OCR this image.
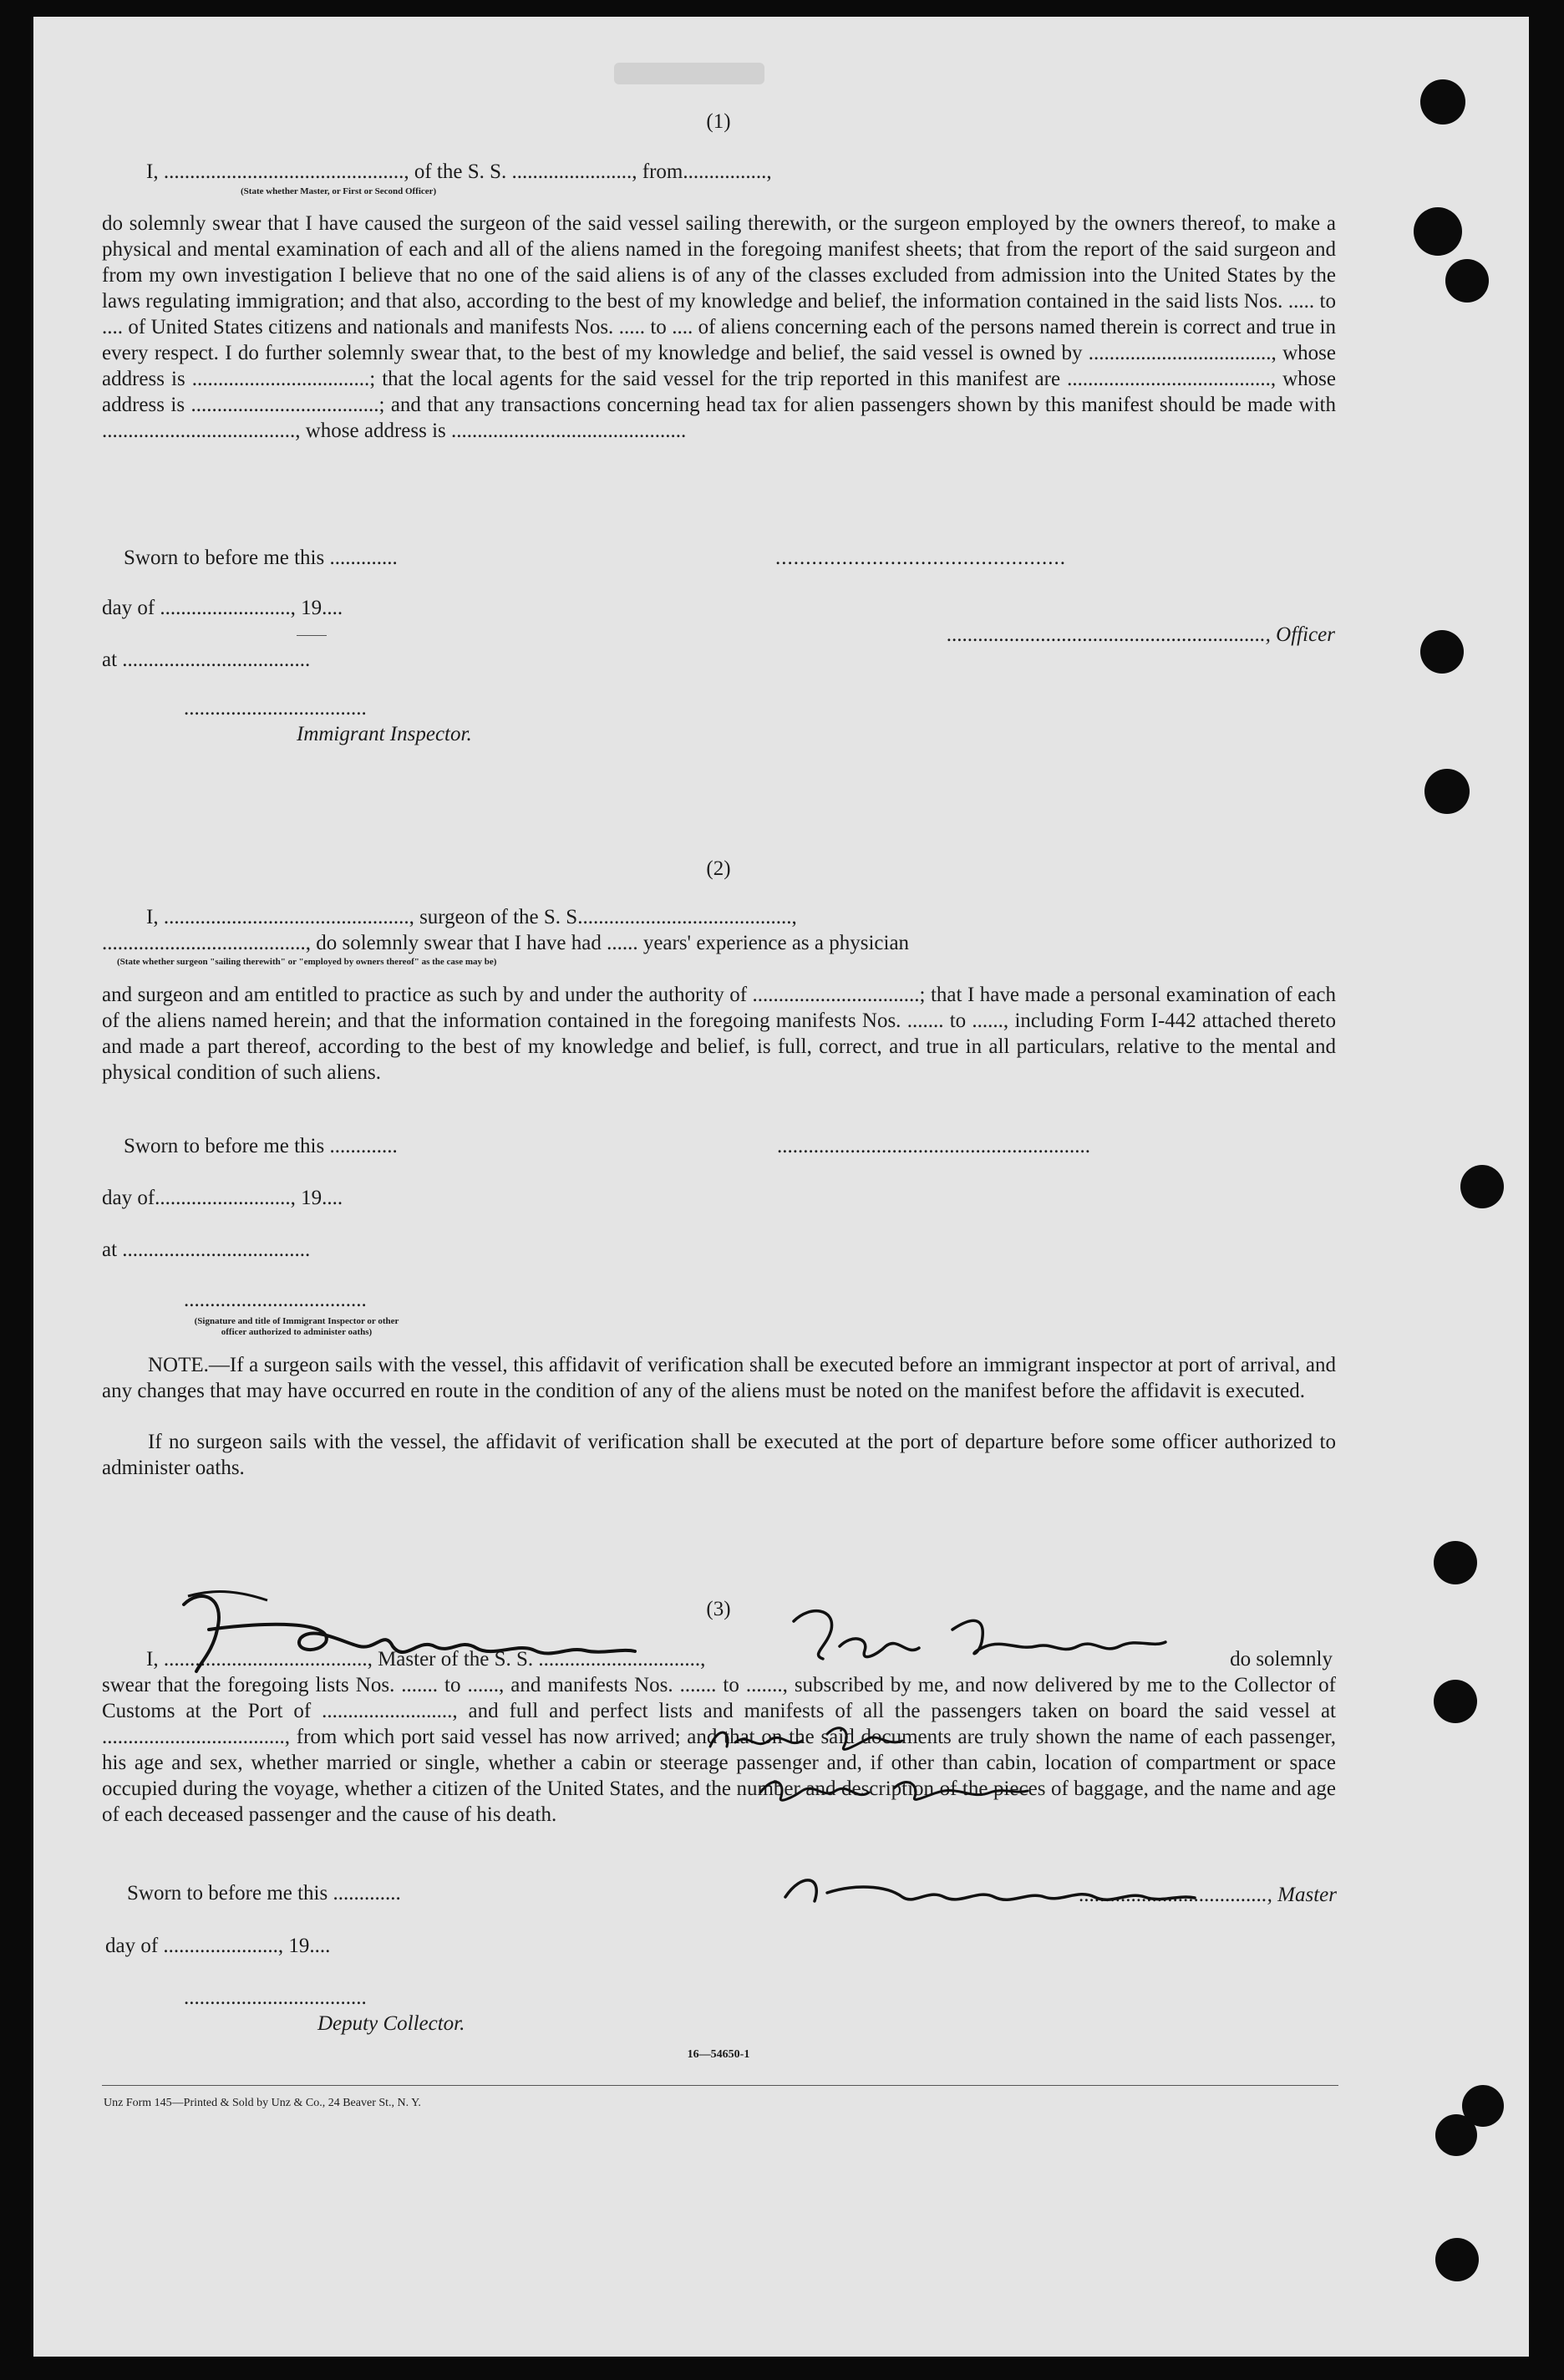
(1)
I, .............................................., of the S. S. ......................., from................,
(State whether Master, or First or Second Officer)
do solemnly swear that I have caused the surgeon of the said vessel sailing therewith, or the surgeon employed by the owners thereof, to make a physical and mental examination of each and all of the aliens named in the foregoing manifest sheets; that from the report of the said surgeon and from my own investigation I believe that no one of the said aliens is of any of the classes excluded from admission into the United States by the laws regulating immigration; and that also, according to the best of my knowledge and belief, the information contained in the said lists Nos. ..... to .... of United States citizens and nationals and manifests Nos. ..... to .... of aliens concerning each of the persons named therein is correct and true in every respect. I do further solemnly swear that, to the best of my knowledge and belief, the said vessel is owned by ..................................., whose address is ..................................; that the local agents for the said vessel for the trip reported in this manifest are ......................................., whose address is ....................................; and that any transactions concerning head tax for alien passengers shown by this manifest should be made with ....................................., whose address is .............................................
Sworn to before me this .............	................................................
day of ........................., 19....
............................................................., Officer
at ....................................
...................................
Immigrant Inspector.
(2)
I, ..............................................., surgeon of the S. S.........................................,
......................................., do solemnly swear that I have had ...... years' experience as a physician
(State whether surgeon "sailing therewith" or "employed by owners thereof" as the case may be)
and surgeon and am entitled to practice as such by and under the authority of ................................; that I have made a personal examination of each of the aliens named herein; and that the information contained in the foregoing manifests Nos. ....... to ......, including Form I-442 attached thereto and made a part thereof, according to the best of my knowledge and belief, is full, correct, and true in all particulars, relative to the mental and physical condition of such aliens.
Sworn to before me this .............	............................................................
day of.........................., 19....
at ....................................
...................................
(Signature and title of Immigrant Inspector or other officer authorized to administer oaths)
NOTE.—If a surgeon sails with the vessel, this affidavit of verification shall be executed before an immigrant inspector at port of arrival, and any changes that may have occurred en route in the condition of any of the aliens must be noted on the manifest before the affidavit is executed.
If no surgeon sails with the vessel, the affidavit of verification shall be executed at the port of departure before some officer authorized to administer oaths.
(3)
I, ......................................., Master of the S. S. ...............................,	do solemnly
swear that the foregoing lists Nos. ....... to ......, and manifests Nos. ....... to ......., subscribed by me, and now delivered by me to the Collector of Customs at the Port of ........................., and full and perfect lists and manifests of all the passengers taken on board the said vessel at ..................................., from which port said vessel has now arrived; and that on the said documents are truly shown the name of each passenger, his age and sex, whether married or single, whether a cabin or steerage passenger and, if other than cabin, location of compartment or space occupied during the voyage, whether a citizen of the United States, and the number and description of the pieces of baggage, and the name and age of each deceased passenger and the cause of his death.
Sworn to before me this .............	...................................., Master
day of ......................, 19....
...................................
Deputy Collector.
16—54650-1
Unz Form 145—Printed & Sold by Unz & Co., 24 Beaver St., N. Y.
